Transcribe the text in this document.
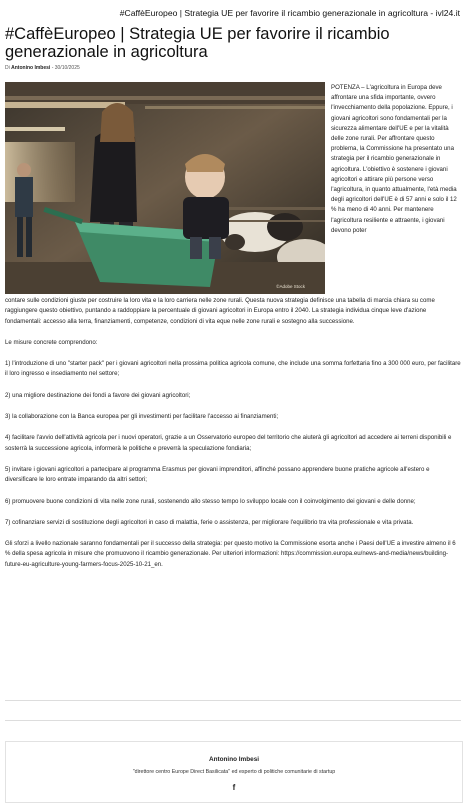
#CaffèEuropeo | Strategia UE per favorire il ricambio generazionale in agricoltura - ivl24.it
#CaffèEuropeo | Strategia UE per favorire il ricambio generazionale in agricoltura
Di Antonino Imbesi - 30/10/2025
©Adobe Stock
POTENZA – L'agricoltura in Europa deve affrontare una sfida importante, ovvero l'invecchiamento della popolazione. Eppure, i giovani agricoltori sono fondamentali per la sicurezza alimentare dell'UE e per la vitalità delle zone rurali. Per affrontare questo problema, la Commissione ha presentato una strategia per il ricambio generazionale in agricoltura. L'obiettivo è sostenere i giovani agricoltori e attirare più persone verso l'agricoltura, in quanto attualmente, l'età media degli agricoltori dell'UE è di 57 anni e solo il 12 % ha meno di 40 anni. Per mantenere l'agricoltura resiliente e attraente, i giovani devono poter

contare sulle condizioni giuste per costruire la loro vita e la loro carriera nelle zone rurali. Questa nuova strategia definisce una tabella di marcia chiara su come raggiungere questo obiettivo, puntando a raddoppiare la percentuale di giovani agricoltori in Europa entro il 2040. La strategia individua cinque leve d'azione fondamentali: accesso alla terra, finanziamenti, competenze, condizioni di vita eque nelle zone rurali e sostegno alla successione.

Le misure concrete comprendono:

1) l'introduzione di uno "starter pack" per i giovani agricoltori nella prossima politica agricola comune, che include una somma forfettaria fino a 300 000 euro, per facilitare il loro ingresso e insediamento nel settore;

2) una migliore destinazione dei fondi a favore dei giovani agricoltori;

3) la collaborazione con la Banca europea per gli investimenti per facilitare l'accesso ai finanziamenti;

4) facilitare l'avvio dell'attività agricola per i nuovi operatori, grazie a un Osservatorio europeo del territorio che aiuterà gli agricoltori ad accedere ai terreni disponibili e sosterrà la successione agricola, informerà le politiche e preverrà la speculazione fondiaria;

5) invitare i giovani agricoltori a partecipare al programma Erasmus per giovani imprenditori, affinché possano apprendere buone pratiche agricole all'estero e diversificare le loro entrate imparando da altri settori;

6) promuovere buone condizioni di vita nelle zone rurali, sostenendo allo stesso tempo lo sviluppo locale con il coinvolgimento dei giovani e delle donne;

7) cofinanziare servizi di sostituzione degli agricoltori in caso di malattia, ferie o assistenza, per migliorare l'equilibrio tra vita professionale e vita privata.

Gli sforzi a livello nazionale saranno fondamentali per il successo della strategia: per questo motivo la Commissione esorta anche i Paesi dell'UE a investire almeno il 6 % della spesa agricola in misure che promuovono il ricambio generazionale. Per ulteriori informazioni: https://commission.europa.eu/news-and-media/news/building-future-eu-agriculture-young-farmers-focus-2025-10-21_en.

Antonino Imbesi
"direttore centro Europe Direct Basilicata" ed esperto di politiche comunitarie di startup
f
